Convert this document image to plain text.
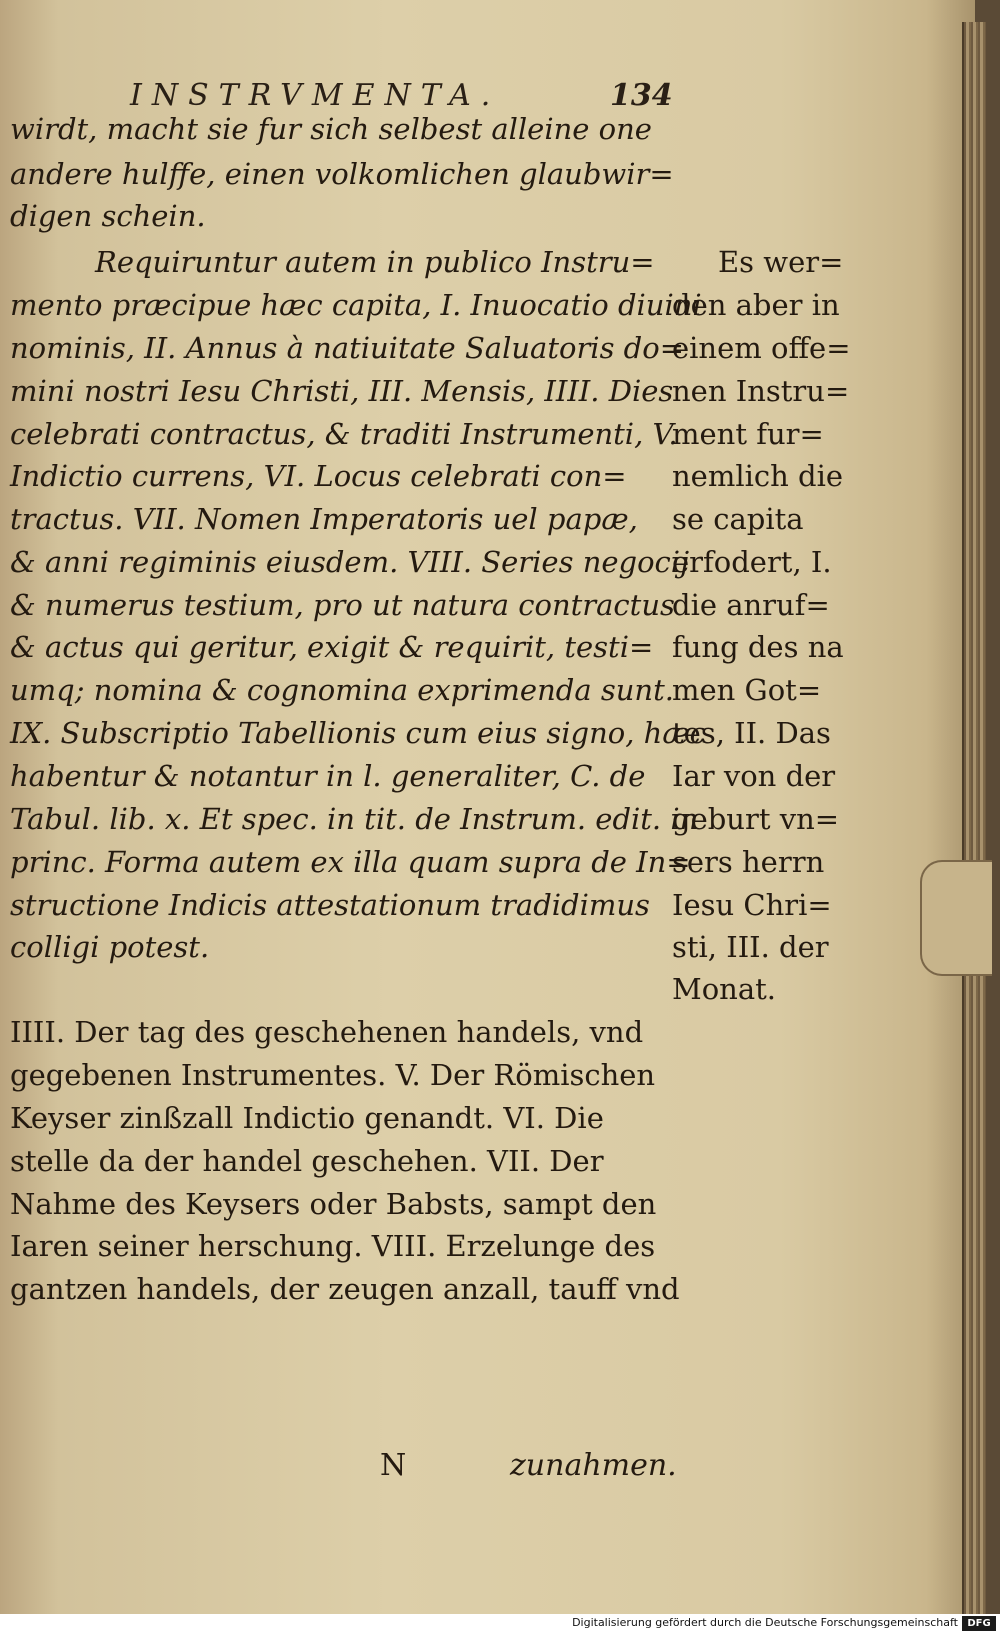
INSTRVMENTA.	134
wirdt, macht sie fur sich selbest alleine one
andere hulffe, einen volkomlichen glaubwir=
digen schein.
Requiruntur autem in publico Instru=
mento præcipue hæc capita, I. Inuocatio diuini
nominis, II. Annus à natiuitate Saluatoris do=
mini nostri Iesu Christi, III. Mensis, IIII. Dies
celebrati contractus, & traditi Instrumenti, V.
Indictio currens, VI. Locus celebrati con=
tractus. VII. Nomen Imperatoris uel papæ,
& anni regiminis eiusdem. VIII. Series negocij
& numerus testium, pro ut natura contractus
& actus qui geritur, exigit & requirit, testi=
umq; nomina & cognomina exprimenda sunt.
IX. Subscriptio Tabellionis cum eius signo, hæc
habentur & notantur in l. generaliter, C. de
Tabul. lib. x. Et spec. in tit. de Instrum. edit. in
princ. Forma autem ex illa quam supra de In=
structione Indicis attestationum tradidimus
colligi potest.
IIII. Der tag des geschehenen handels, vnd
gegebenen Instrumentes. V. Der Römischen
Keyser zinßzall Indictio genandt. VI. Die
stelle da der handel geschehen. VII. Der
Nahme des Keysers oder Babsts, sampt den
Iaren seiner herschung. VIII. Erzelunge des
gantzen handels, der zeugen anzall, tauff vnd
Es wer=
den aber in
einem offe=
nen Instru=
ment fur=
nemlich die
se capita
erfodert, I.
die anruf=
fung des na
men Got=
tes, II. Das
Iar von der
geburt vn=
sers herrn
Iesu Chri=
sti, III. der
Monat.
N	zunahmen.
Digitalisierung gefördert durch die Deutsche Forschungsgemeinschaft DFG
